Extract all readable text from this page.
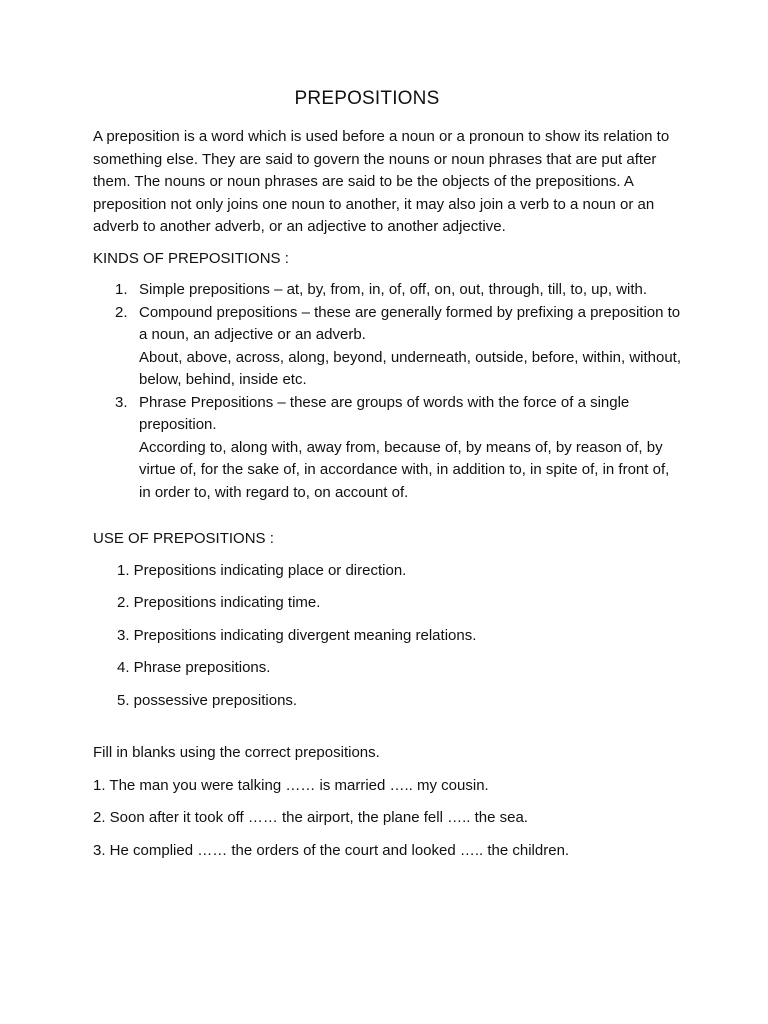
PREPOSITIONS

A preposition is a word which is used before a noun or a pronoun to show its relation to something else. They are said to govern the nouns or noun phrases that are put after them. The nouns or noun phrases are said to be the objects of the prepositions. A preposition not only joins one noun to another, it may also join a verb to a noun or an adverb to another adverb, or an adjective to another adjective.

KINDS OF PREPOSITIONS :
1. Simple prepositions – at, by, from, in, of, off, on, out, through, till, to, up, with.
2. Compound prepositions – these are generally formed by prefixing a preposition to a noun, an adjective or an adverb.
About, above, across, along, beyond, underneath, outside, before, within, without, below, behind, inside etc.
3. Phrase Prepositions – these are groups of words with the force of a single preposition.
According to, along with, away from, because of, by means of, by reason of, by virtue of, for the sake of, in accordance with, in addition to, in spite of, in front of, in order to, with regard to, on account of.
USE OF PREPOSITIONS :
1. Prepositions indicating place or direction.
2. Prepositions indicating time.
3. Prepositions indicating divergent meaning relations.
4. Phrase prepositions.
5. possessive prepositions.
Fill in blanks using the correct prepositions.
1. The man you were talking …… is married ….. my cousin.
2. Soon after it took off …… the airport, the plane fell ….. the sea.
3. He complied …… the orders of the court and looked ….. the children.
